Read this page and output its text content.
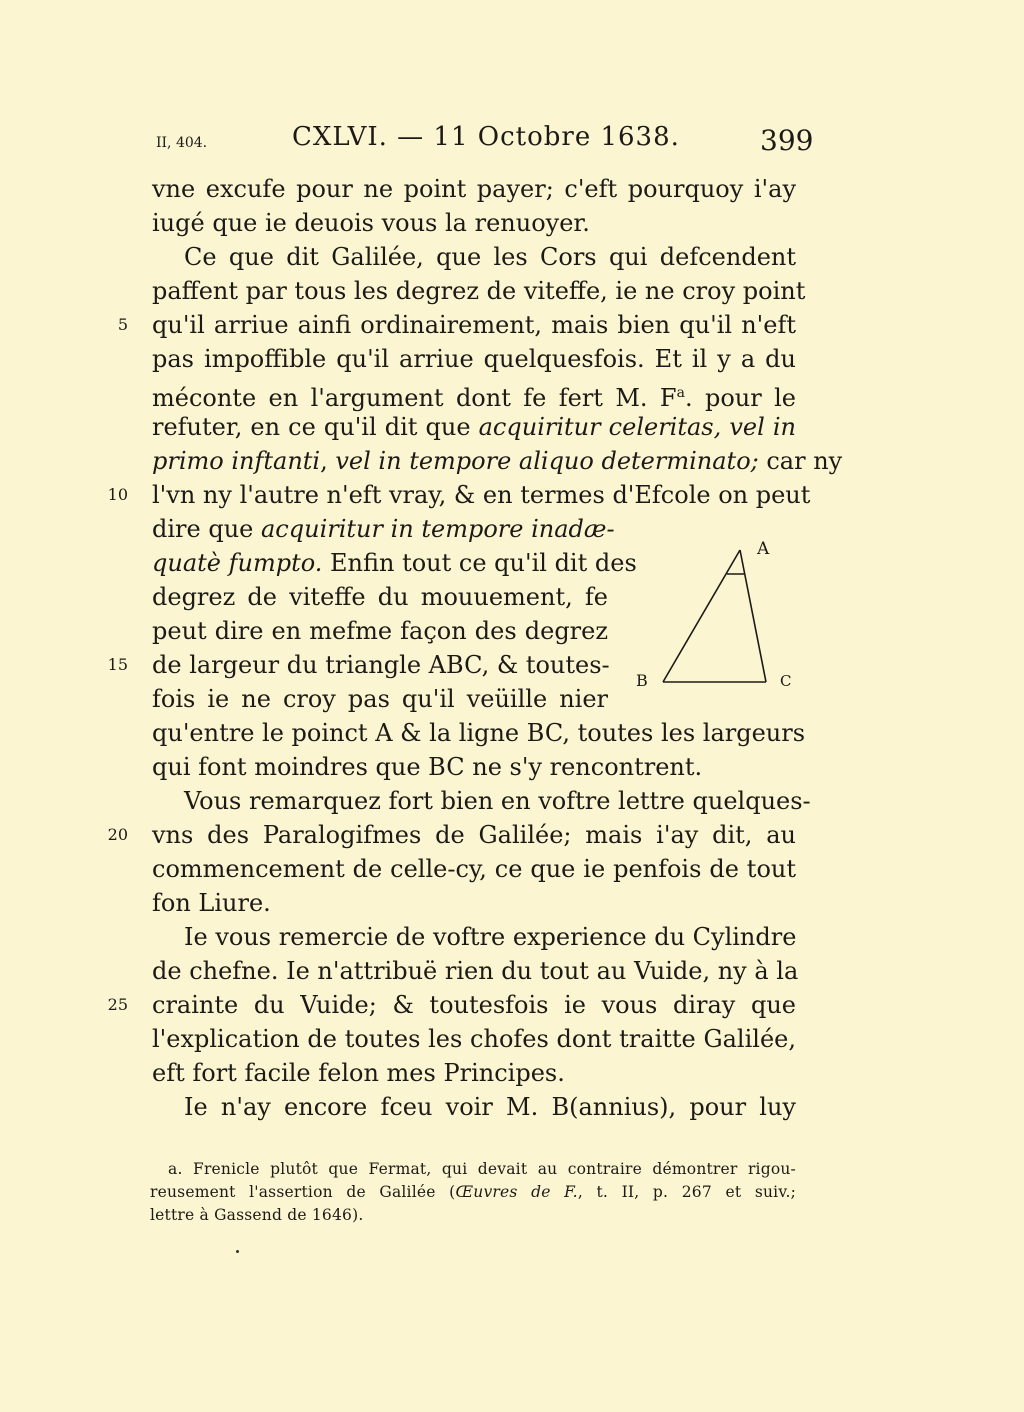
II, 404.	CXLVI. — 11 Octobre 1638.	399
vne excufe pour ne point payer; c'eft pourquoy i'ay
iugé que ie deuois vous la renuoyer.
Ce que dit Galilée, que les Cors qui defcendent
paffent par tous les degrez de viteffe, ie ne croy point
5 qu'il arriue ainfi ordinairement, mais bien qu'il n'eft
pas impoffible qu'il arriue quelquesfois. Et il y a du
méconte en l'argument dont fe fert M. $F^a$. pour le
refuter, en ce qu'il dit que acquiritur celeritas, vel in
primo inftanti, vel in tempore aliquo determinato; car ny
10 l'vn ny l'autre n'eft vray, & en termes d'Efcole on peut
dire que acquiritur in tempore inadæ-
quatè fumpto. Enfin tout ce qu'il dit des
degrez de viteffe du mouuement, fe
peut dire en mefme façon des degrez
15 de largeur du triangle ABC, & toutes-
fois ie ne croy pas qu'il veüille nier
qu'entre le poinct A & la ligne BC, toutes les largeurs
qui font moindres que BC ne s'y rencontrent.
Vous remarquez fort bien en voftre lettre quelques-
20 vns des Paralogifmes de Galilée; mais i'ay dit, au
commencement de celle-cy, ce que ie penfois de tout
fon Liure.
Ie vous remercie de voftre experience du Cylindre
de chefne. Ie n'attribuë rien du tout au Vuide, ny à la
25 crainte du Vuide; & toutesfois ie vous diray que
l'explication de toutes les chofes dont traitte Galilée,
eft fort facile felon mes Principes.
Ie n'ay encore fceu voir M. B(annius), pour luy
A
B	C
a. Frenicle plutôt que Fermat, qui devait au contraire démontrer rigou-
reusement l'assertion de Galilée (Œuvres de F., t. II, p. 267 et suiv.;
lettre à Gassend de 1646).
